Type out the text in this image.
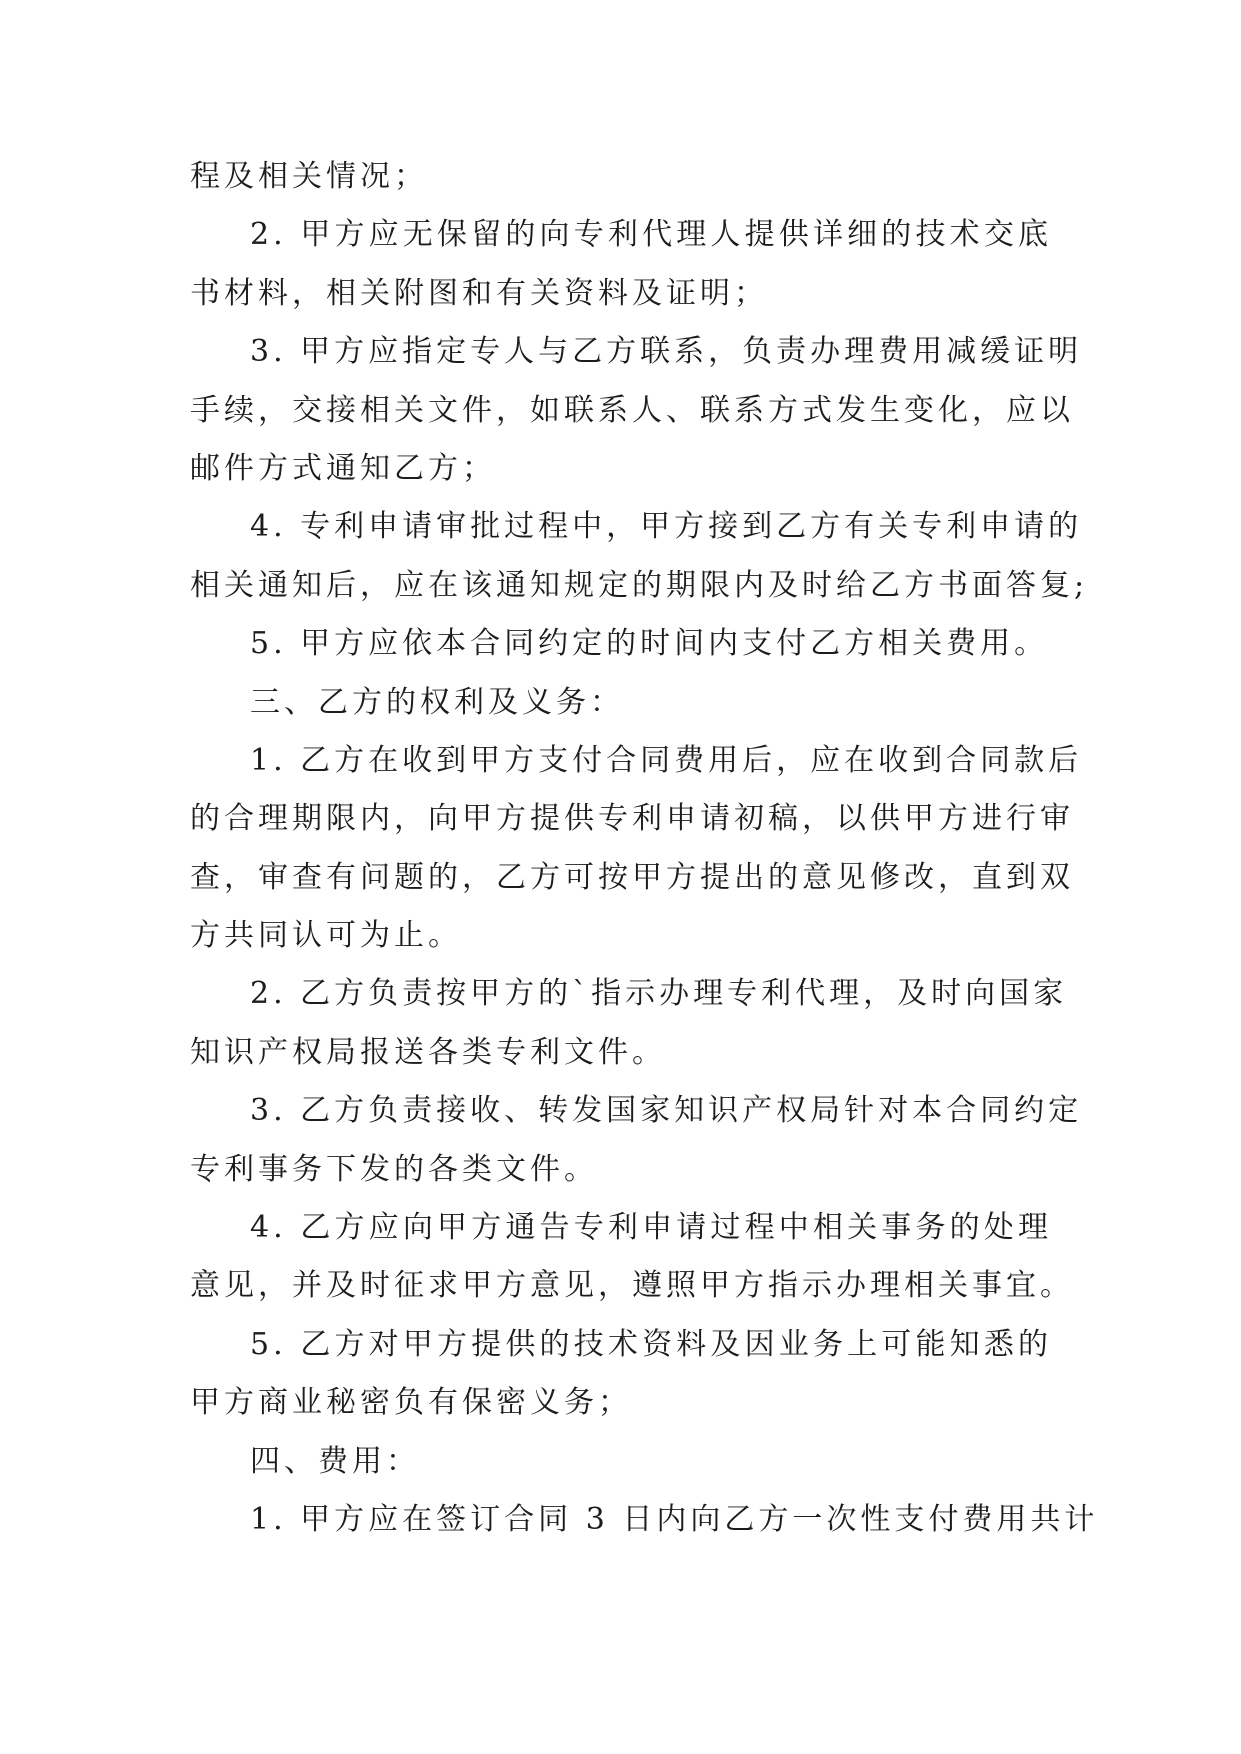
程及相关情况；
2. 甲方应无保留的向专利代理人提供详细的技术交底
书材料，相关附图和有关资料及证明；
3. 甲方应指定专人与乙方联系，负责办理费用减缓证明
手续，交接相关文件，如联系人、联系方式发生变化，应以
邮件方式通知乙方；
4. 专利申请审批过程中，甲方接到乙方有关专利申请的
相关通知后，应在该通知规定的期限内及时给乙方书面答复;
5. 甲方应依本合同约定的时间内支付乙方相关费用。
三、乙方的权利及义务：
1. 乙方在收到甲方支付合同费用后，应在收到合同款后
的合理期限内，向甲方提供专利申请初稿，以供甲方进行审
查，审查有问题的，乙方可按甲方提出的意见修改，直到双
方共同认可为止。
2. 乙方负责按甲方的`指示办理专利代理，及时向国家
知识产权局报送各类专利文件。
3. 乙方负责接收、转发国家知识产权局针对本合同约定
专利事务下发的各类文件。
4. 乙方应向甲方通告专利申请过程中相关事务的处理
意见，并及时征求甲方意见，遵照甲方指示办理相关事宜。
5. 乙方对甲方提供的技术资料及因业务上可能知悉的
甲方商业秘密负有保密义务；
四、费用：
1. 甲方应在签订合同 3 日内向乙方一次性支付费用共计
